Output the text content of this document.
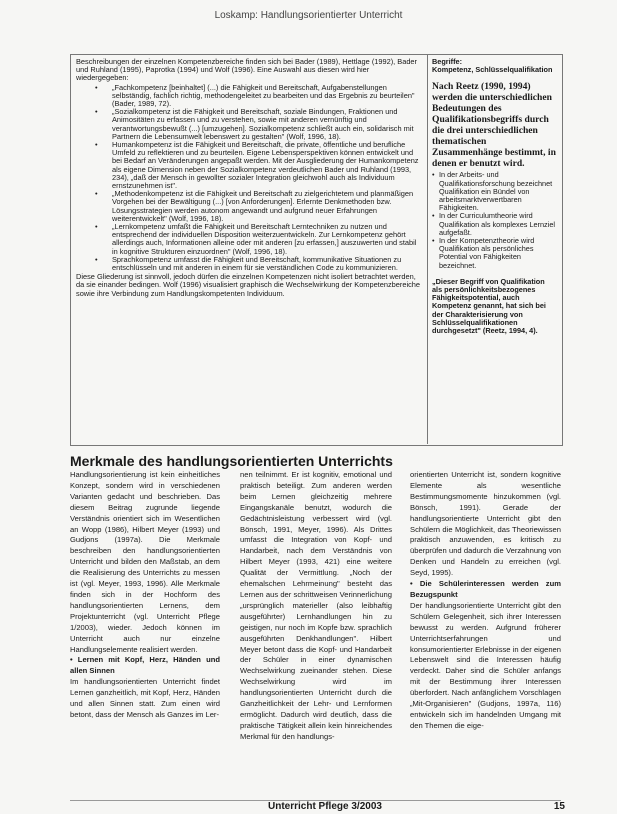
Loskamp: Handlungsorientierter Unterricht

Beschreibungen der einzelnen Kompetenzbereiche finden sich bei Bader (1989), Hettlage (1992), Bader und Ruhland (1995), Paprotka (1994) und Wolf (1996). Eine Auswahl aus diesen wird hier wiedergegeben:

• „Fachkompetenz [beinhaltet] (...) die Fähigkeit und Bereitschaft, Aufgabenstellungen selbständig, fachlich richtig, methodengeleitet zu bearbeiten und das Ergebnis zu beurteilen" (Bader, 1989, 72).
• „Sozialkompetenz ist die Fähigkeit und Bereitschaft, soziale Bindungen, Fraktionen und Animositäten zu erfassen und zu verstehen, sowie mit anderen vernünftig und verantwortungsbewußt (...) [umzugehen]. Sozialkompetenz schließt auch ein, solidarisch mit Partnern die Lebensumwelt lebenswert zu gestalten" (Wolf, 1996, 18).
• Humankompetenz ist die Fähigkeit und Bereitschaft, die private, öffentliche und berufliche Umfeld zu reflektieren und zu beurteilen. Eigene Lebensperspektiven können entwickelt und bei Bedarf an Veränderungen angepaßt werden. Mit der Ausgliederung der Humankompetenz als eigene Dimension neben der Sozialkompetenz verdeutlichen Bader und Ruhland (1993, 234), „daß der Mensch in gewollter sozialer Integration gleichwohl auch als Individuum ernstzunehmen ist".
• „Methodenkompetenz ist die Fähigkeit und Bereitschaft zu zielgerichtetem und planmäßigen Vorgehen bei der Bewältigung (...) [von Anforderungen]. Erlernte Denkmethoden bzw. Lösungsstrategien werden autonom angewandt und aufgrund neuer Erfahrungen weiterentwickelt" (Wolf, 1996, 18).
• „Lernkompetenz umfaßt die Fähigkeit und Bereitschaft Lerntechniken zu nutzen und entsprechend der individuellen Disposition weiterzuentwickeln. Zur Lernkompetenz gehört allerdings auch, Informationen alleine oder mit anderen [zu erfassen,] auszuwerten und stabil in kognitive Strukturen einzuordnen" (Wolf, 1996, 18).
• Sprachkompetenz umfasst die Fähigkeit und Bereitschaft, kommunikative Situationen zu entschlüsseln und mit anderen in einem für sie verständlichen Code zu kommunizieren.

Diese Gliederung ist sinnvoll, jedoch dürfen die einzelnen Kompetenzen nicht isoliert betrachtet werden, da sie einander bedingen. Wolf (1996) visualisiert graphisch die Wechselwirkung der Kompetenzbereiche sowie ihre Verbindung zum Handlungskompetenten Individuum.

Begriffe:
Kompetenz, Schlüsselqualifikation
Nach Reetz (1990, 1994) werden die unterschiedlichen Bedeutungen des Qualifikationsbegriffs durch die drei unterschiedlichen thematischen Zusammenhänge bestimmt, in denen er benutzt wird.
• In der Arbeits- und Qualifikationsforschung bezeichnet Qualifikation ein Bündel von arbeitsmarktverwertbaren Fähigkeiten.
• In der Curriculumtheorie wird Qualifikation als komplexes Lernziel aufgefaßt.
• In der Kompetenztheorie wird Qualifikation als persönliches Potential von Fähigkeiten bezeichnet.
„Dieser Begriff von Qualifikation als persönlichkeitsbezogenes Fähigkeitspotential, auch Kompetenz genannt, hat sich bei der Charakterisierung von Schlüsselqualifikationen durchgesetzt" (Reetz, 1994, 4).
Merkmale des handlungsorientierten Unterrichts

Handlungsorientierung ist kein einheitliches Konzept, sondern wird in verschiedenen Varianten gedacht und beschrieben. Das diesem Beitrag zugrunde liegende Verständnis orientiert sich im Wesentlichen an Wopp (1986), Hilbert Meyer (1993) und Gudjons (1997a). Die Merkmale beschreiben den handlungsorientierten Unterricht und bilden den Maßstab, an dem die Realisierung des Unterrichts zu messen ist (vgl. Meyer, 1993, 1996). Alle Merkmale finden sich in der Hochform des handlungsorientierten Lernens, dem Projektunterricht (vgl. Unterricht Pflege 1/2003), wieder. Jedoch können im Unterricht auch nur einzelne Handlungselemente realisiert werden.

• Lernen mit Kopf, Herz, Händen und allen Sinnen

Im handlungsorientierten Unterricht findet Lernen ganzheitlich, mit Kopf, Herz, Händen und allen Sinnen statt. Zum einen wird betont, dass der Mensch als Ganzes im Ler-

nen teilnimmt. Er ist kognitiv, emotional und praktisch beteiligt. Zum anderen werden beim Lernen gleichzeitig mehrere Eingangskanäle benutzt, wodurch die Gedächtnisleistung verbessert wird (vgl. Bönsch, 1991, Meyer, 1996). Als Drittes umfasst die Integration von Kopf- und Handarbeit, nach dem Verständnis von Hilbert Meyer (1993, 421) eine weitere Qualität der Vermittlung. „Noch der ehemalschen Lehrmeinung" besteht das Lernen aus der schrittweisen Verinnerlichung „ursprünglich materieller (also leibhaftig ausgeführter) Lernhandlungen hin zu geistigen, nur noch im Kopfe bzw. sprachlich ausgeführten Denkhandlungen". Hilbert Meyer betont dass die Kopf- und Handarbeit der Schüler in einer dynamischen Wechselwirkung zueinander stehen. Diese Wechselwirkung wird im handlungsorientierten Unterricht durch die Ganzheitlichkeit der Lehr- und Lernformen ermöglicht. Dadurch wird deutlich, dass die praktische Tätigkeit allein kein hinreichendes Merkmal für den handlungs-

orientierten Unterricht ist, sondern kognitive Elemente als wesentliche Bestimmungsmomente hinzukommen (vgl. Bönsch, 1991). Gerade der handlungsorientierte Unterricht gibt den Schülern die Möglichkeit, das Theoriewissen praktisch anzuwenden, es kritisch zu überprüfen und dadurch die Verzahnung von Denken und Handeln zu erreichen (vgl. Seyd, 1995).

• Die Schülerinteressen werden zum Bezugspunkt

Der handlungsorientierte Unterricht gibt den Schülern Gelegenheit, sich ihrer Interessen bewusst zu werden. Aufgrund früherer Unterrichtserfahrungen und konsumorientierter Erlebnisse in der eigenen Lebenswelt sind die Interessen häufig verdeckt. Daher sind die Schüler anfangs mit der Bestimmung ihrer Interessen überfordert. Nach anfänglichem Vorschlagen „Mit-Organisieren" (Gudjons, 1997a, 116) entwickeln sich im handelnden Umgang mit den Themen die eige-

Unterricht Pflege 3/2003	15
